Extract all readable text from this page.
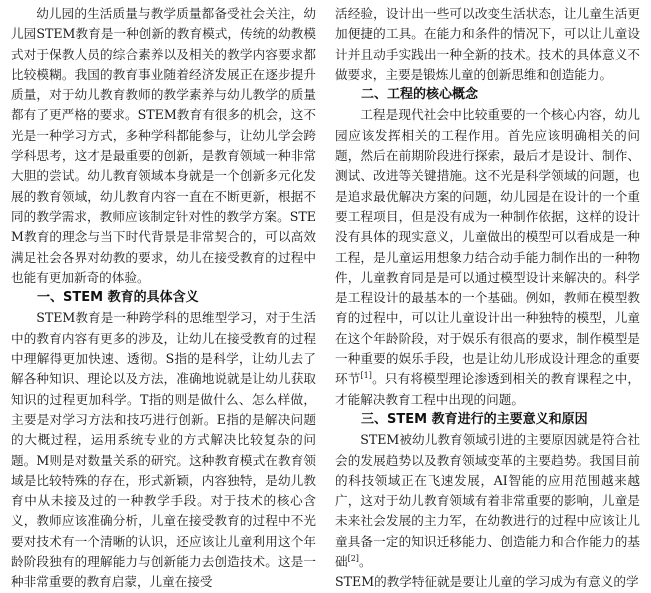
幼儿园的生活质量与教学质量都备受社会关注，幼儿园STEM教育是一种创新的教育模式，传统的幼教模式对于保教人员的综合素养以及相关的教学内容要求都比较模糊。我国的教育事业随着经济发展正在逐步提升质量，对于幼儿教育教师的教学素养与幼儿教学的质量都有了更严格的要求。STEM教育有很多的机会，这不光是一种学习方式，多种学科都能参与，让幼儿学会跨学科思考，这才是最重要的创新，是教育领域一种非常大胆的尝试。幼儿教育领域本身就是一个创新多元化发展的教育领域，幼儿教育内容一直在不断更新，根据不同的教学需求，教师应该制定针对性的教学方案。STEM教育的理念与当下时代背景是非常契合的，可以高效满足社会各界对幼教的要求，幼儿在接受教育的过程中也能有更加新奇的体验。

一、STEM 教育的具体含义

STEM教育是一种跨学科的思维型学习，对于生活中的教育内容有更多的涉及，让幼儿在接受教育的过程中理解得更加快速、透彻。S指的是科学，让幼儿去了解各种知识、理论以及方法，准确地说就是让幼儿获取知识的过程更加科学。T指的则是做什么、怎么样做，主要是对学习方法和技巧进行创新。E指的是解决问题的大概过程，运用系统专业的方式解决比较复杂的问题。M则是对数量关系的研究。这种教育模式在教育领域是比较特殊的存在，形式新颖，内容独特，是幼儿教育中从未接及过的一种教学手段。对于技术的核心含义，教师应该准确分析，儿童在接受教育的过程中不光要对技术有一个清晰的认识，还应该让儿童利用这个年龄阶段独有的理解能力与创新能力去创造技术。这是一种非常重要的教育启蒙，儿童在接受

活经验，设计出一些可以改变生活状态，让儿童生活更加便捷的工具。在能力和条件的情况下，可以让儿童设计并且动手实践出一种全新的技术。技术的具体意义不做要求，主要是锻炼儿童的创新思维和创造能力。

二、工程的核心概念

工程是现代社会中比较重要的一个核心内容，幼儿园应该发挥相关的工程作用。首先应该明确相关的问题，然后在前期阶段进行探索，最后才是设计、制作、测试、改进等关键措施。这不光是科学领域的问题，也是追求最优解决方案的问题，幼儿园是在设计的一个重要工程项目，但是没有成为一种制作依据，这样的设计没有具体的现实意义，儿童做出的模型可以看成是一种工程，是儿童运用想象力结合动手能力制作出的一种物件，儿童教育同是是可以通过模型设计来解决的。科学是工程设计的最基本的一个基础。例如，教师在模型教育的过程中，可以让儿童设计出一种独特的模型，儿童在这个年龄阶段，对于娱乐有很高的要求，制作模型是一种重要的娱乐手段，也是让幼儿形成设计理念的重要环节[1]。只有将模型理论渗透到相关的教育课程之中，才能解决教育工程中出现的问题。

三、STEM 教育进行的主要意义和原因

STEM被幼儿教育领域引进的主要原因就是符合社会的发展趋势以及教育领域变革的主要趋势。我国目前的科技领域正在飞速发展，AI智能的应用范围越来越广，这对于幼儿教育领域有着非常重要的影响，儿童是未来社会发展的主力军，在幼教进行的过程中应该让儿童具备一定的知识迁移能力、创造能力和合作能力的基础[2]。

STEM的教学特征就是要让儿童的学习成为有意义的学
